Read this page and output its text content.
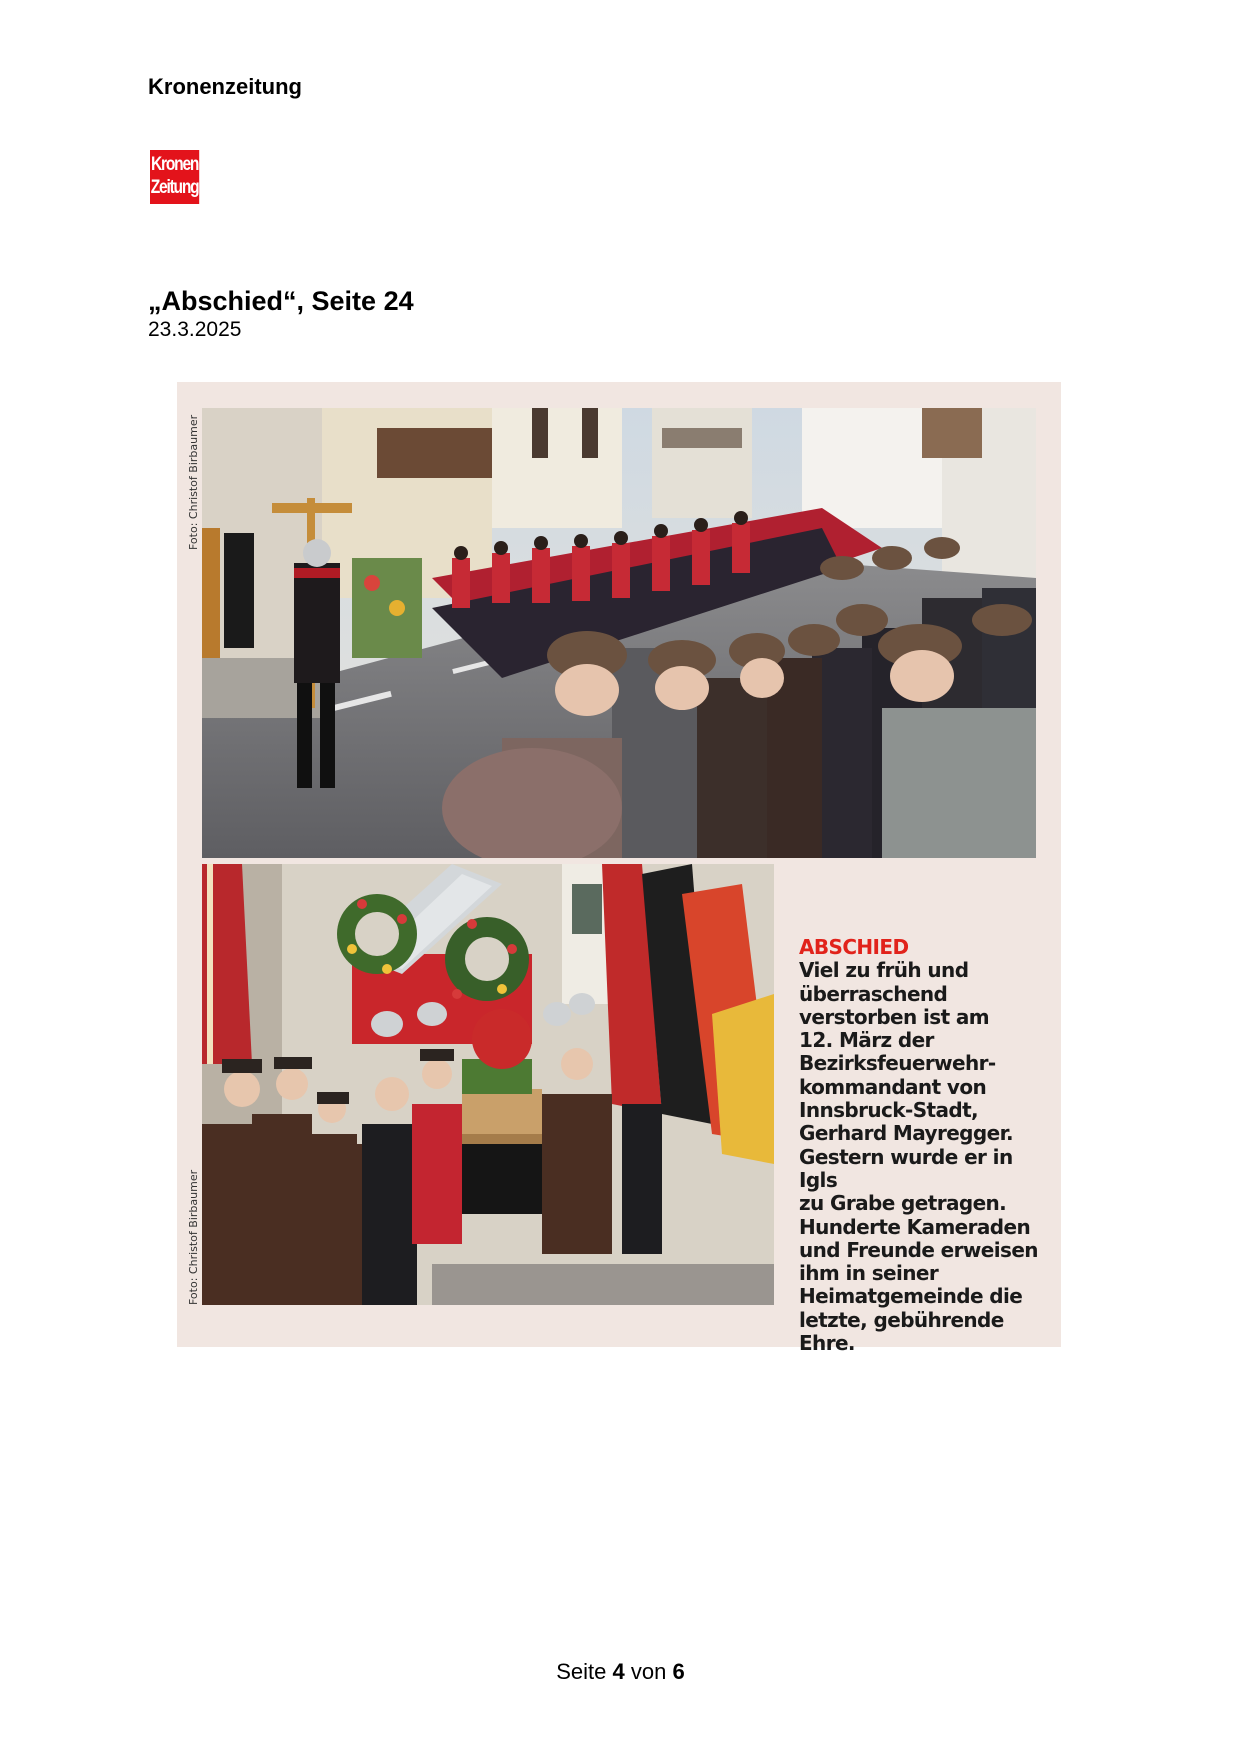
Kronenzeitung
Kronen
Zeitung
„Abschied“, Seite 24
23.3.2025
Foto: Christof Birbaumer
Foto: Christof Birbaumer
ABSCHIED
Viel zu früh und
überraschend
verstorben ist am
12. März der
Bezirksfeuerwehr-
kommandant von
Innsbruck-Stadt,
Gerhard Mayregger.
Gestern wurde er in Igls
zu Grabe getragen.
Hunderte Kameraden
und Freunde erweisen
ihm in seiner
Heimatgemeinde die
letzte, gebührende Ehre.
Seite 4 von 6
